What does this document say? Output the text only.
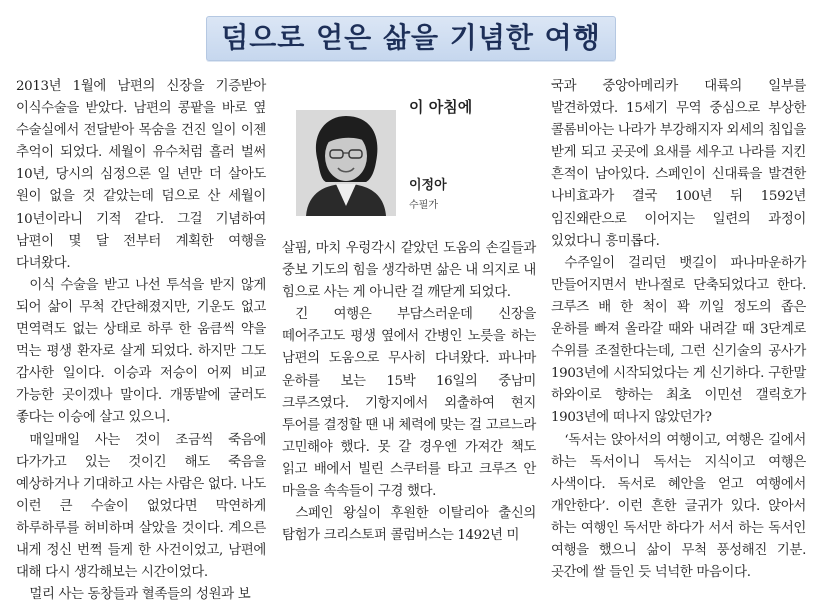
덤으로 얻은 삶을 기념한 여행

2013년 1월에 남편의 신장을 기증받아 이식수술을 받았다. 남편의 콩팥을 바로 옆 수술실에서 전달받아 목숨을 건진 일이 이젠 추억이 되었다. 세월이 유수처럼 흘러 벌써 10년, 당시의 심정으론 일 년만 더 살아도 원이 없을 것 같았는데 덤으로 산 세월이 10년이라니 기적 같다. 그걸 기념하여 남편이 몇 달 전부터 계획한 여행을 다녀왔다.

이식 수술을 받고 나선 투석을 받지 않게 되어 삶이 무척 간단해졌지만, 기운도 없고 면역력도 없는 상태로 하루 한 움큼씩 약을 먹는 평생 환자로 살게 되었다. 하지만 그도 감사한 일이다. 이승과 저승이 어찌 비교 가능한 곳이겠나 말이다. 개똥밭에 굴러도 좋다는 이승에 살고 있으니.

매일매일 사는 것이 조금씩 죽음에 다가가고 있는 것이긴 해도 죽음을 예상하거나 기대하고 사는 사람은 없다. 나도 이런 큰 수술이 없었다면 막연하게 하루하루를 허비하며 살았을 것이다. 계으른 내게 정신 번쩍 들게 한 사건이었고, 남편에 대해 다시 생각해보는 시간이었다.

멀리 사는 동창들과 혈족들의 성원과 보

이 아침에
이정아
수필가

살핌, 마치 우렁각시 같았던 도움의 손길들과 중보 기도의 힘을 생각하면 삶은 내 의지로 내 힘으로 사는 게 아니란 걸 깨닫게 되었다.

긴 여행은 부담스러운데 신장을 떼어주고도 평생 옆에서 간병인 노릇을 하는 남편의 도움으로 무사히 다녀왔다. 파나마 운하를 보는 15박 16일의 중남미 크루즈였다. 기항지에서 외출하여 현지 투어를 결정할 땐 내 체력에 맞는 걸 고르느라 고민해야 했다. 못 갈 경우엔 가져간 책도 읽고 배에서 빌린 스쿠터를 타고 크루즈 안 마을을 속속들이 구경 했다.

스페인 왕실이 후원한 이탈리아 출신의 탐험가 크리스토퍼 콜럼버스는 1492년 미

국과 중앙아메리카 대륙의 일부를 발견하였다. 15세기 무역 중심으로 부상한 콜롬비아는 나라가 부강해지자 외세의 침입을 받게 되고 곳곳에 요새를 세우고 나라를 지킨 흔적이 남아있다. 스페인이 신대륙을 발견한 나비효과가 결국 100년 뒤 1592년 임진왜란으로 이어지는 일련의 과정이 있었다니 흥미롭다.

수주일이 걸리던 뱃길이 파나마운하가 만들어지면서 반나절로 단축되었다고 한다. 크루즈 배 한 척이 꽉 끼일 정도의 좁은 운하를 빠져 올라갈 때와 내려갈 때 3단계로 수위를 조절한다는데, 그런 신기술의 공사가 1903년에 시작되었다는 게 신기하다. 구한말 하와이로 향하는 최초 이민선 갤릭호가 1903년에 떠나지 않았던가?

‘독서는 앉아서의 여행이고, 여행은 길에서 하는 독서이니 독서는 지식이고 여행은 사색이다. 독서로 혜안을 얻고 여행에서 개안한다’. 이런 흔한 글귀가 있다. 앉아서 하는 여행인 독서만 하다가 서서 하는 독서인 여행을 했으니 삶이 무척 풍성해진 기분. 곳간에 쌀 들인 듯 넉넉한 마음이다.
